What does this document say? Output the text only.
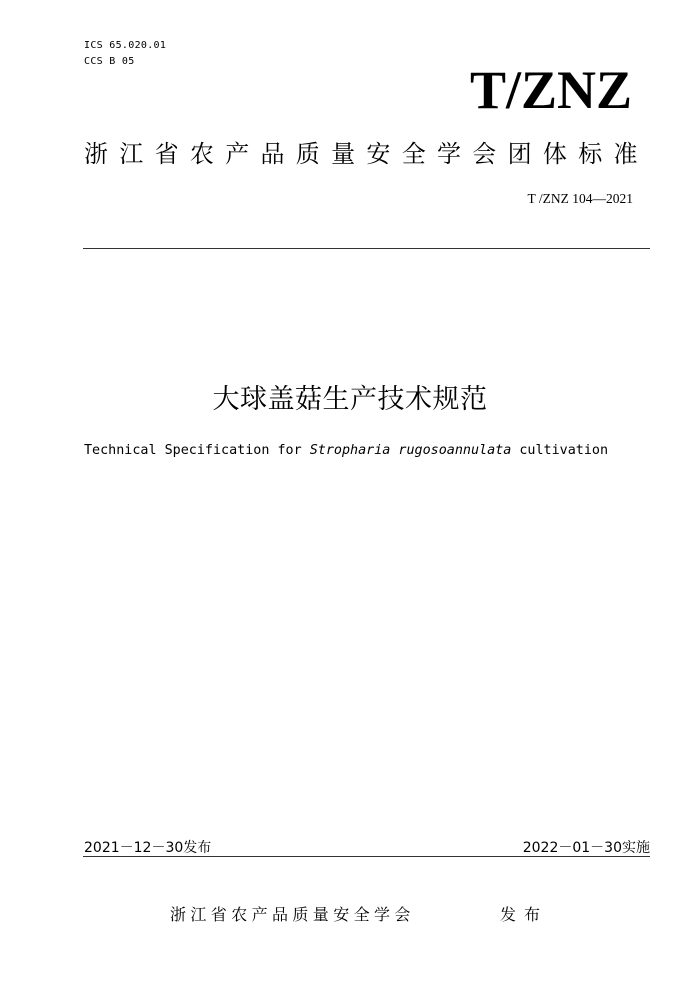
ICS 65.020.01
CCS B 05	T/ZNZ
浙江省农产品质量安全学会团体标准
T /ZNZ 104—2021
大球盖菇生产技术规范
Technical Specification for Stropharia rugosoannulata cultivation
2021－12－30发布	2022－01－30实施
浙江省农产品质量安全学会	发布
